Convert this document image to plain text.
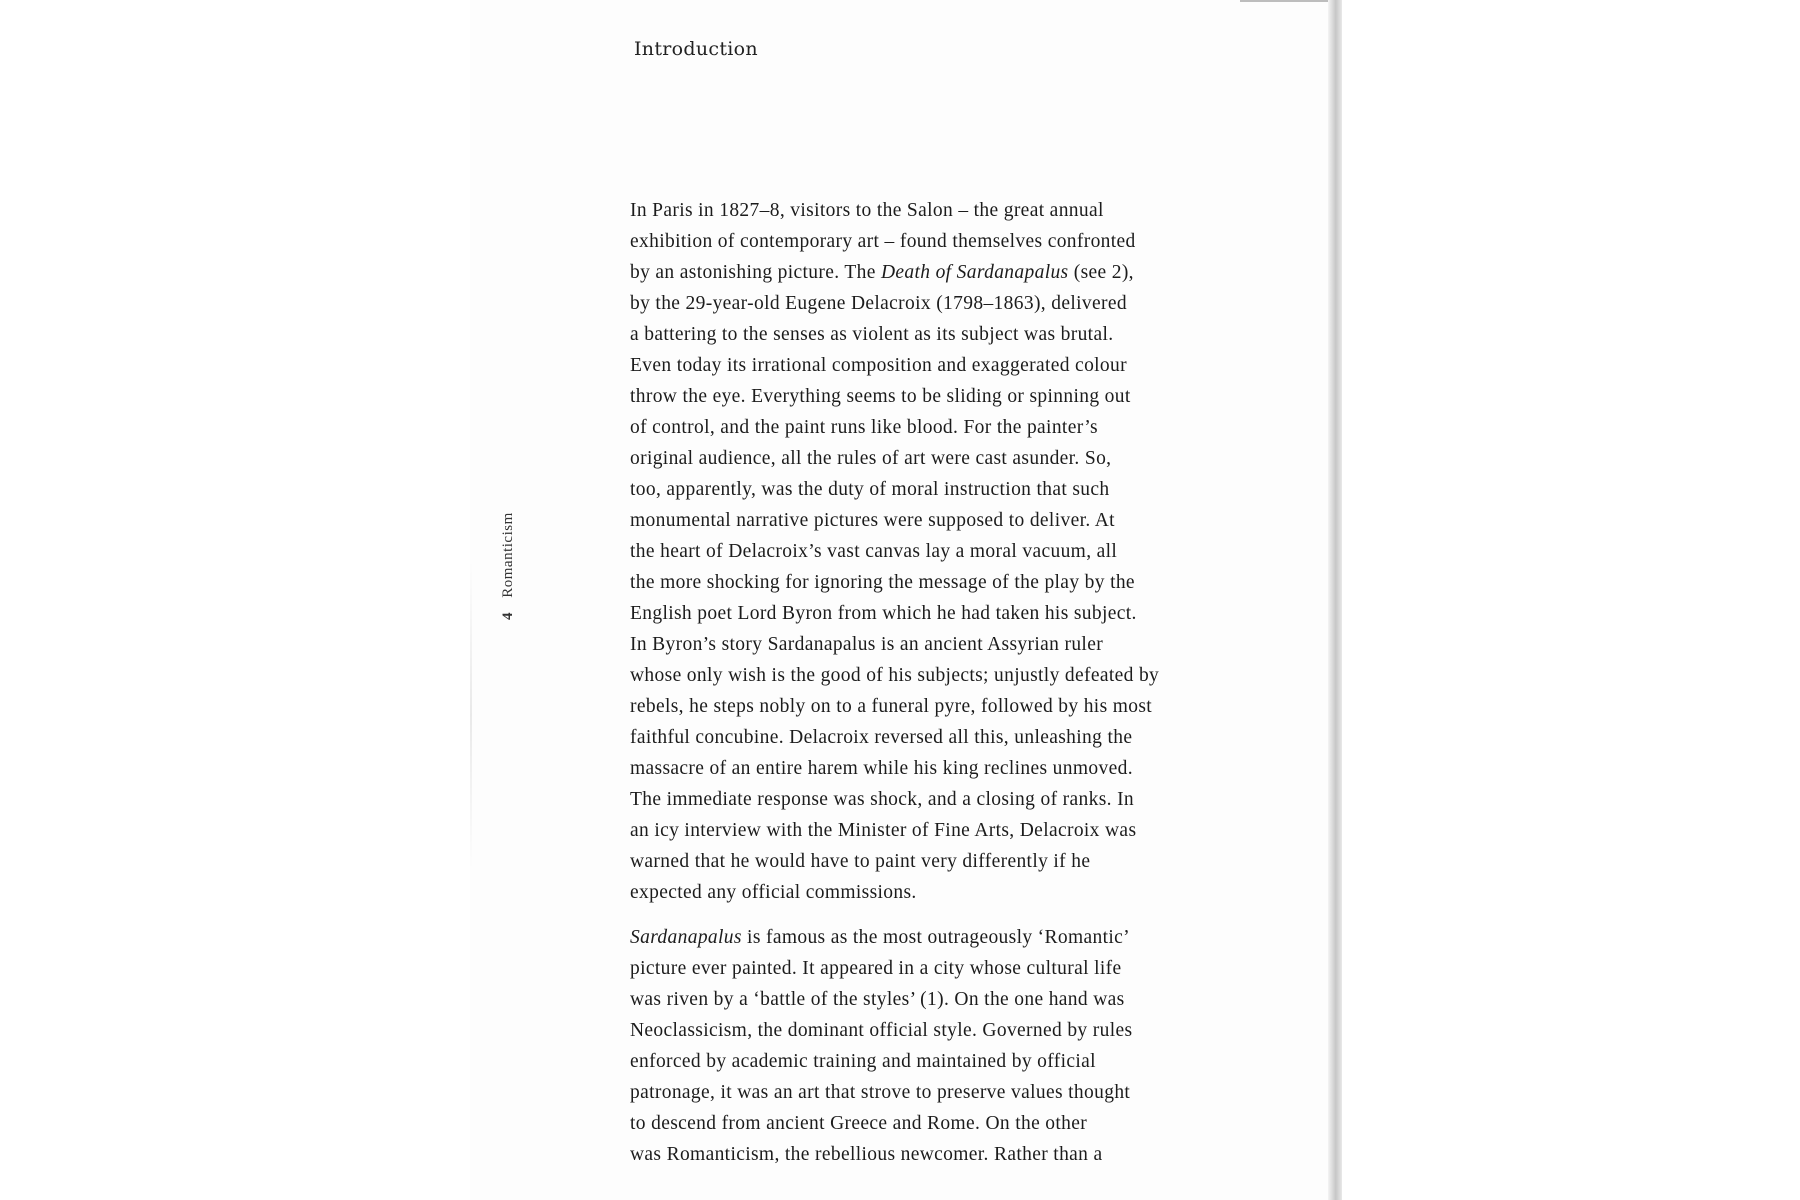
Introduction
4 Romanticism
In Paris in 1827–8, visitors to the Salon – the great annual
exhibition of contemporary art – found themselves confronted
by an astonishing picture. The Death of Sardanapalus (see 2),
by the 29-year-old Eugene Delacroix (1798–1863), delivered
a battering to the senses as violent as its subject was brutal.
Even today its irrational composition and exaggerated colour
throw the eye. Everything seems to be sliding or spinning out
of control, and the paint runs like blood. For the painter’s
original audience, all the rules of art were cast asunder. So,
too, apparently, was the duty of moral instruction that such
monumental narrative pictures were supposed to deliver. At
the heart of Delacroix’s vast canvas lay a moral vacuum, all
the more shocking for ignoring the message of the play by the
English poet Lord Byron from which he had taken his subject.
In Byron’s story Sardanapalus is an ancient Assyrian ruler
whose only wish is the good of his subjects; unjustly defeated by
rebels, he steps nobly on to a funeral pyre, followed by his most
faithful concubine. Delacroix reversed all this, unleashing the
massacre of an entire harem while his king reclines unmoved.
The immediate response was shock, and a closing of ranks. In
an icy interview with the Minister of Fine Arts, Delacroix was
warned that he would have to paint very differently if he
expected any official commissions.
Sardanapalus is famous as the most outrageously ‘Romantic’
picture ever painted. It appeared in a city whose cultural life
was riven by a ‘battle of the styles’ (1). On the one hand was
Neoclassicism, the dominant official style. Governed by rules
enforced by academic training and maintained by official
patronage, it was an art that strove to preserve values thought
to descend from ancient Greece and Rome. On the other
was Romanticism, the rebellious newcomer. Rather than a
